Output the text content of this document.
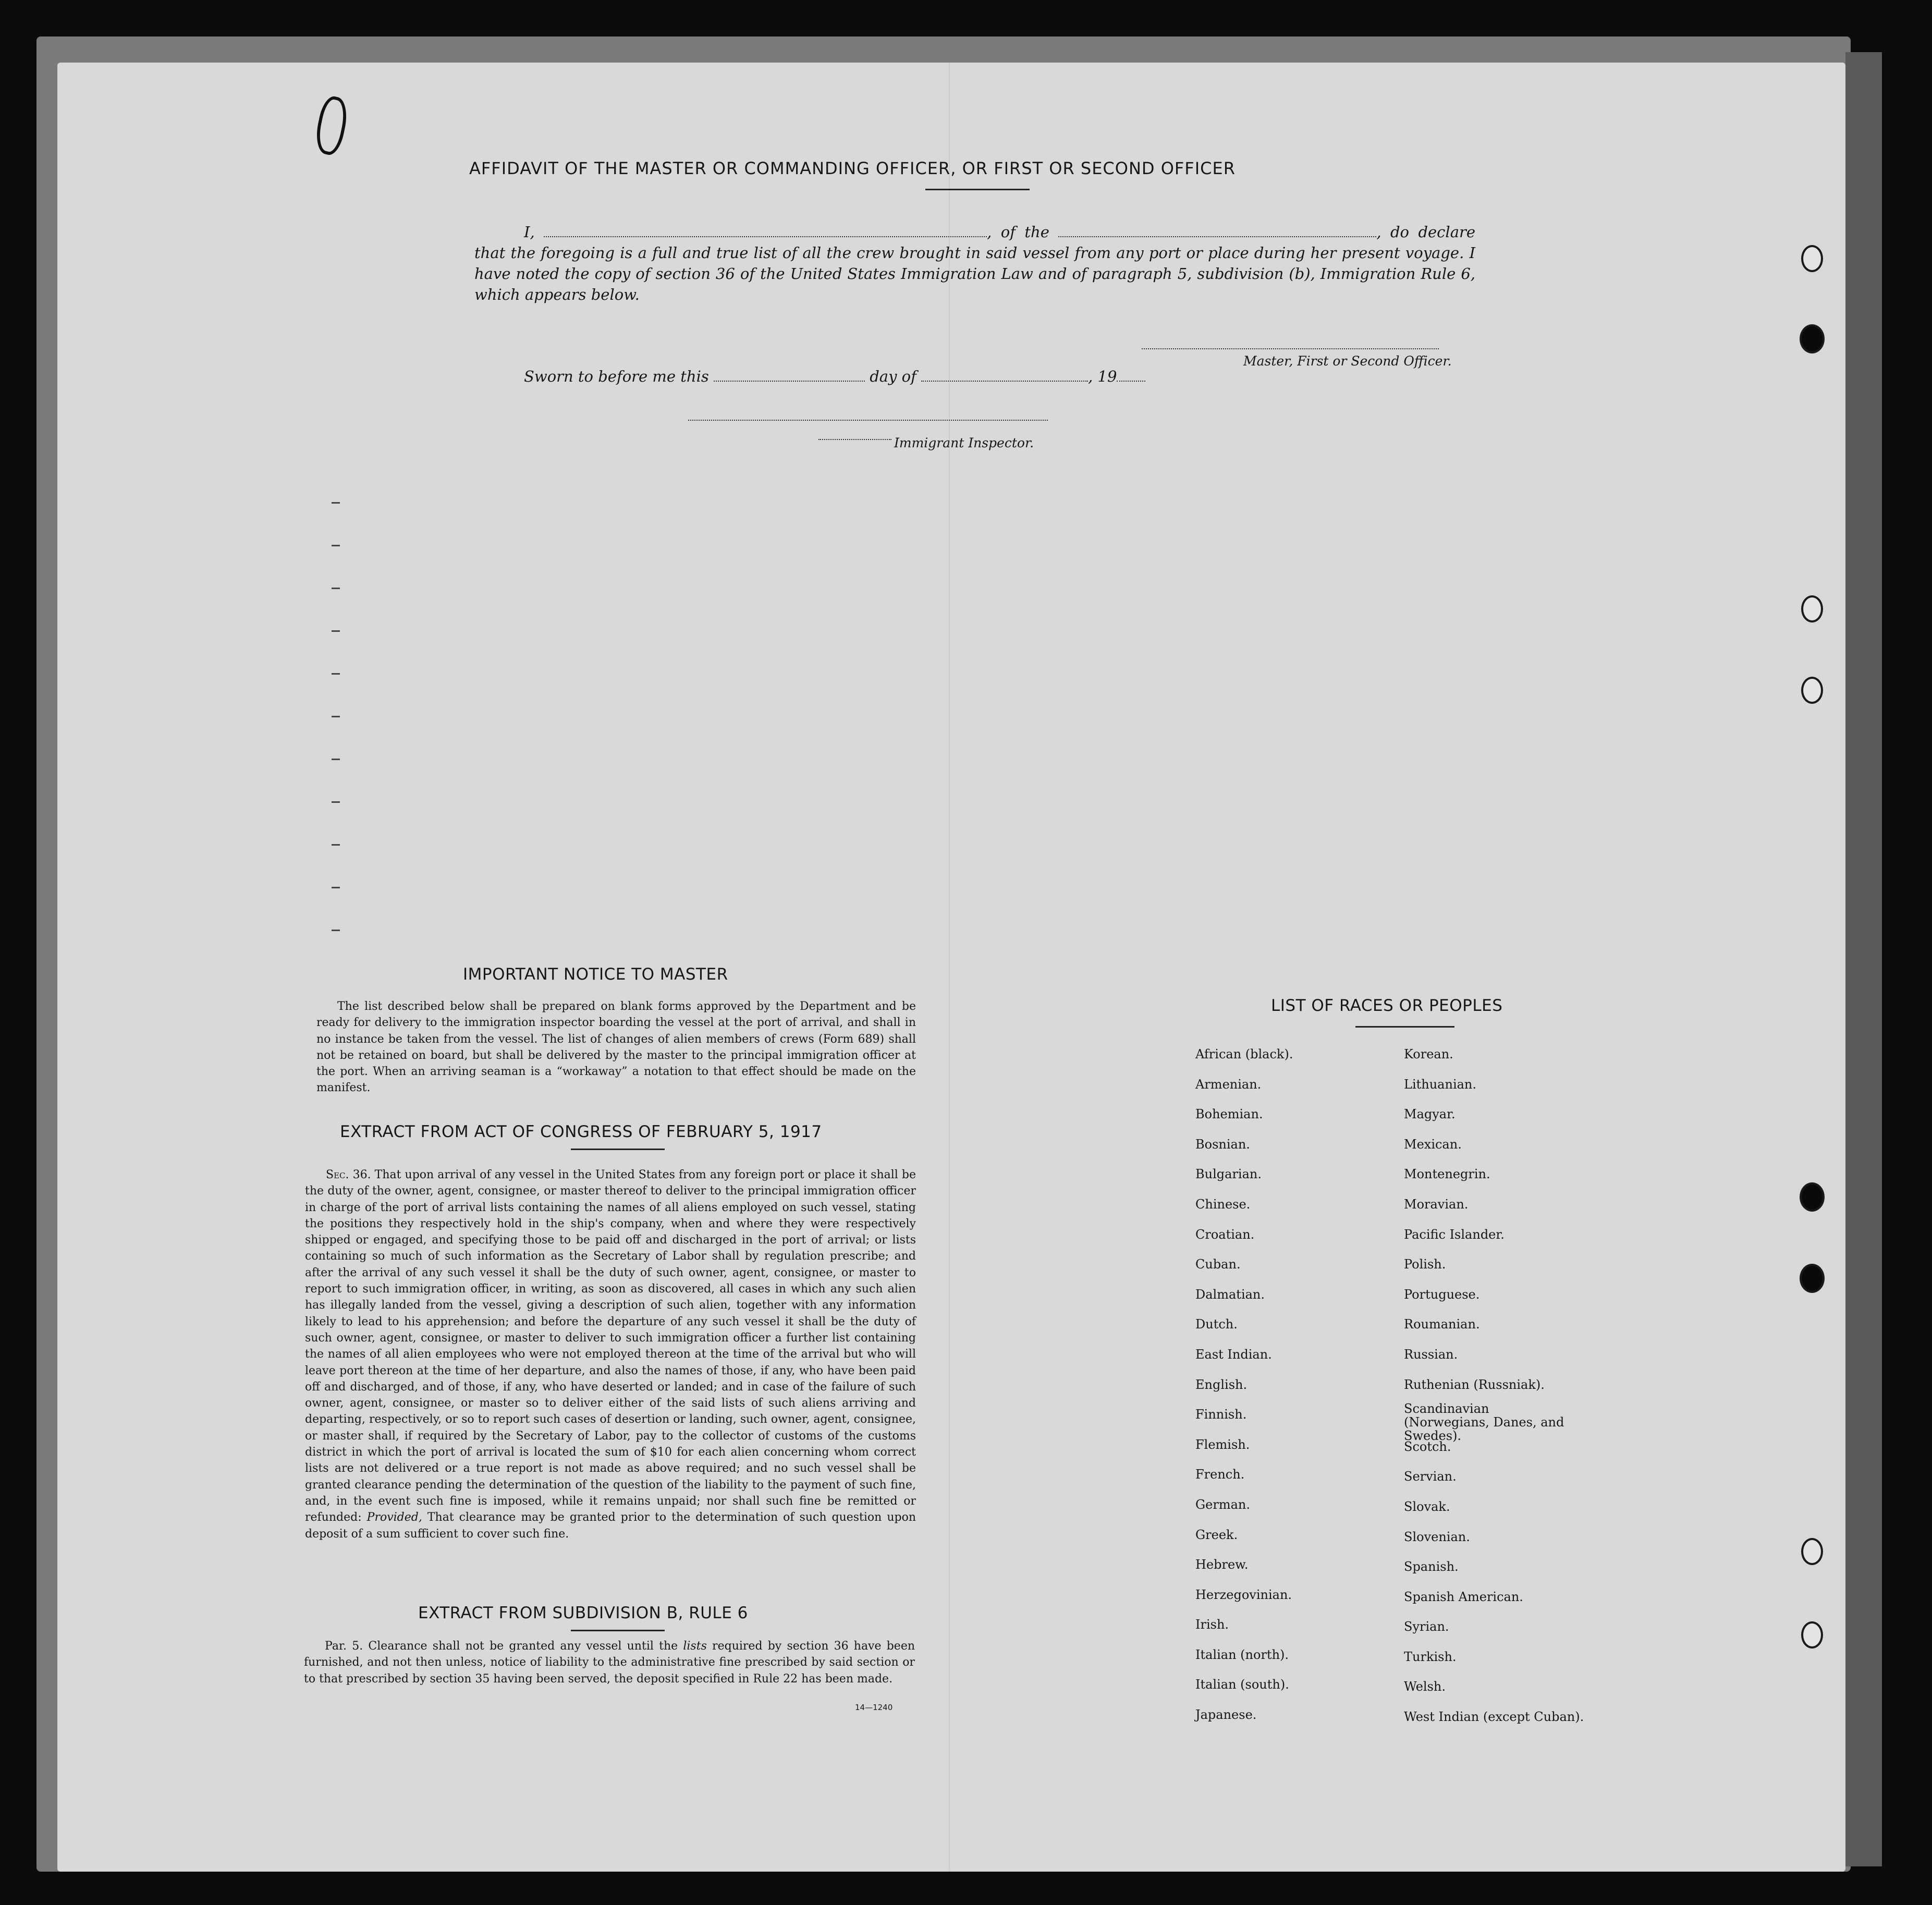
AFFIDAVIT OF THE MASTER OR COMMANDING OFFICER, OR FIRST OR SECOND OFFICER
I,	, of the	, do declare that the foregoing is a full and true list of all the crew brought in said vessel from any port or place during her present voyage. I have noted the copy of section 36 of the United States Immigration Law and of paragraph 5, subdivision (b), Immigration Rule 6, which appears below.
Master, First or Second Officer.
Sworn to before me this	day of	, 19
Immigrant Inspector.
IMPORTANT NOTICE TO MASTER
The list described below shall be prepared on blank forms approved by the Department and be ready for delivery to the immigration inspector boarding the vessel at the port of arrival, and shall in no instance be taken from the vessel. The list of changes of alien members of crews (Form 689) shall not be retained on board, but shall be delivered by the master to the principal immigration officer at the port. When an arriving seaman is a “workaway” a notation to that effect should be made on the manifest.
EXTRACT FROM ACT OF CONGRESS OF FEBRUARY 5, 1917
Sec. 36. That upon arrival of any vessel in the United States from any foreign port or place it shall be the duty of the owner, agent, consignee, or master thereof to deliver to the principal immigration officer in charge of the port of arrival lists containing the names of all aliens employed on such vessel, stating the positions they respectively hold in the ship's company, when and where they were respectively shipped or engaged, and specifying those to be paid off and discharged in the port of arrival; or lists containing so much of such information as the Secretary of Labor shall by regulation prescribe; and after the arrival of any such vessel it shall be the duty of such owner, agent, consignee, or master to report to such immigration officer, in writing, as soon as discovered, all cases in which any such alien has illegally landed from the vessel, giving a description of such alien, together with any information likely to lead to his apprehension; and before the departure of any such vessel it shall be the duty of such owner, agent, consignee, or master to deliver to such immigration officer a further list containing the names of all alien employees who were not employed thereon at the time of the arrival but who will leave port thereon at the time of her departure, and also the names of those, if any, who have been paid off and discharged, and of those, if any, who have deserted or landed; and in case of the failure of such owner, agent, consignee, or master so to deliver either of the said lists of such aliens arriving and departing, respectively, or so to report such cases of desertion or landing, such owner, agent, consignee, or master shall, if required by the Secretary of Labor, pay to the collector of customs of the customs district in which the port of arrival is located the sum of $10 for each alien concerning whom correct lists are not delivered or a true report is not made as above required; and no such vessel shall be granted clearance pending the determination of the question of the liability to the payment of such fine, and, in the event such fine is imposed, while it remains unpaid; nor shall such fine be remitted or refunded: Provided, That clearance may be granted prior to the determination of such question upon deposit of a sum sufficient to cover such fine.
EXTRACT FROM SUBDIVISION B, RULE 6
Par. 5. Clearance shall not be granted any vessel until the lists required by section 36 have been furnished, and not then unless, notice of liability to the administrative fine prescribed by said section or to that prescribed by section 35 having been served, the deposit specified in Rule 22 has been made.
14—1240
LIST OF RACES OR PEOPLES
African (black).
Armenian.
Bohemian.
Bosnian.
Bulgarian.
Chinese.
Croatian.
Cuban.
Dalmatian.
Dutch.
East Indian.
English.
Finnish.
Flemish.
French.
German.
Greek.
Hebrew.
Herzegovinian.
Irish.
Italian (north).
Italian (south).
Japanese.
Korean.
Lithuanian.
Magyar.
Mexican.
Montenegrin.
Moravian.
Pacific Islander.
Polish.
Portuguese.
Roumanian.
Russian.
Ruthenian (Russniak).
Scandinavian (Norwegians, Danes, and Swedes).
Scotch.
Servian.
Slovak.
Slovenian.
Spanish.
Spanish American.
Syrian.
Turkish.
Welsh.
West Indian (except Cuban).
